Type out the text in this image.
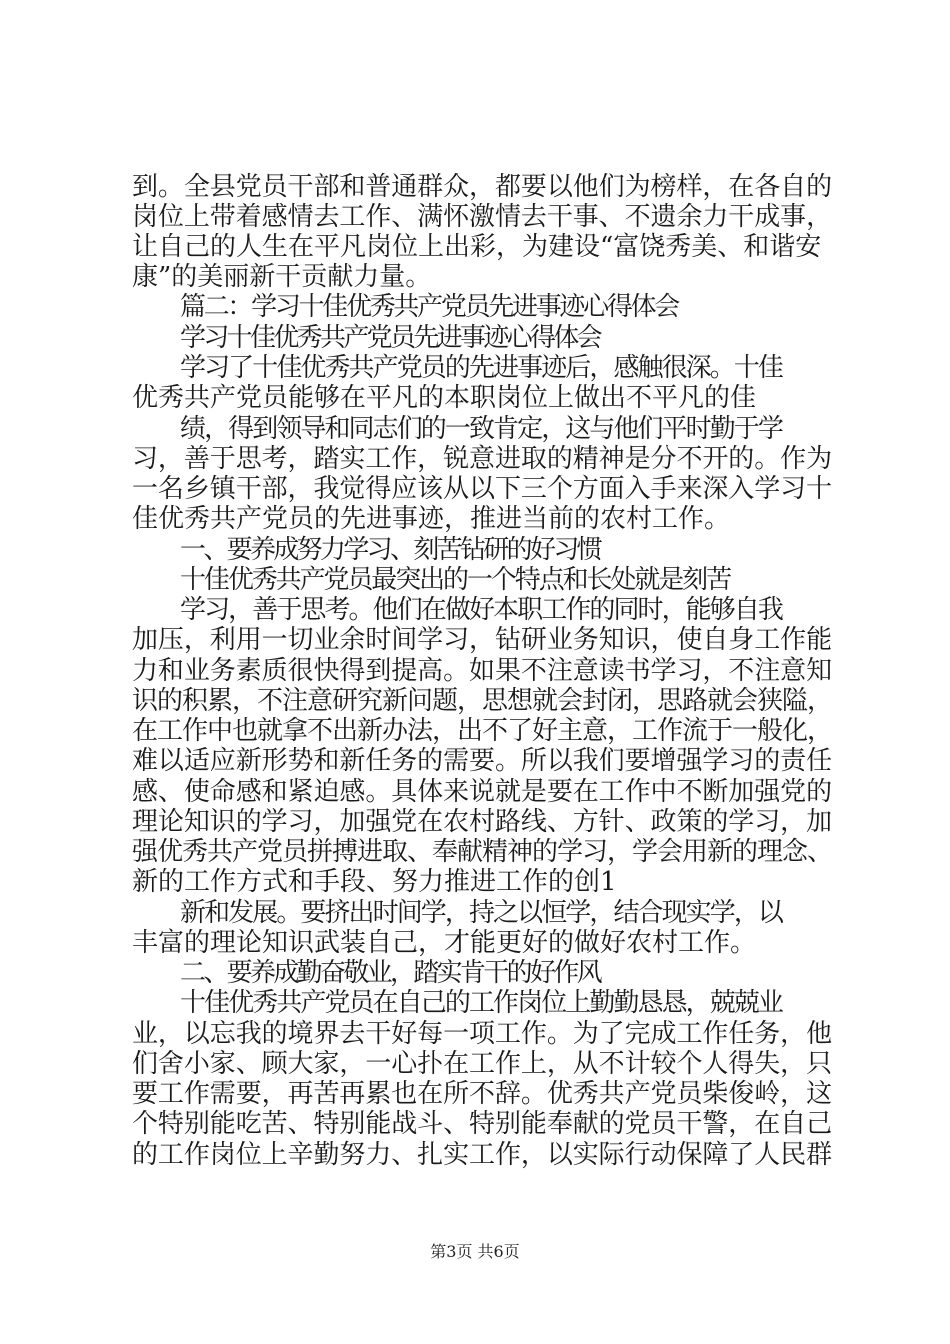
到。全县党员干部和普通群众，都要以他们为榜样，在各自的
岗位上带着感情去工作、满怀激情去干事、不遗余力干成事，
让自己的人生在平凡岗位上出彩，为建设“富饶秀美、和谐安
康”的美丽新干贡献力量。
篇二：学习十佳优秀共产党员先进事迹心得体会
学习十佳优秀共产党员先进事迹心得体会
学习了十佳优秀共产党员的先进事迹后，感触很深。十佳
优秀共产党员能够在平凡的本职岗位上做出不平凡的佳
绩，得到领导和同志们的一致肯定，这与他们平时勤于学
习，善于思考，踏实工作，锐意进取的精神是分不开的。作为
一名乡镇干部，我觉得应该从以下三个方面入手来深入学习十
佳优秀共产党员的先进事迹，推进当前的农村工作。
一、要养成努力学习、刻苦钻研的好习惯
十佳优秀共产党员最突出的一个特点和长处就是刻苦
学习，善于思考。他们在做好本职工作的同时，能够自我
加压，利用一切业余时间学习，钻研业务知识，使自身工作能
力和业务素质很快得到提高。如果不注意读书学习，不注意知
识的积累，不注意研究新问题，思想就会封闭，思路就会狭隘，
在工作中也就拿不出新办法，出不了好主意，工作流于一般化，
难以适应新形势和新任务的需要。所以我们要增强学习的责任
感、使命感和紧迫感。具体来说就是要在工作中不断加强党的
理论知识的学习，加强党在农村路线、方针、政策的学习，加
强优秀共产党员拼搏进取、奉献精神的学习，学会用新的理念、
新的工作方式和手段、努力推进工作的创1
新和发展。要挤出时间学，持之以恒学，结合现实学，以
丰富的理论知识武装自己，才能更好的做好农村工作。
二、要养成勤奋敬业，踏实肯干的好作风
十佳优秀共产党员在自己的工作岗位上勤勤恳恳，兢兢业
业，以忘我的境界去干好每一项工作。为了完成工作任务，他
们舍小家、顾大家，一心扑在工作上，从不计较个人得失，只
要工作需要，再苦再累也在所不辞。优秀共产党员柴俊岭，这
个特别能吃苦、特别能战斗、特别能奉献的党员干警，在自己
的工作岗位上辛勤努力、扎实工作，以实际行动保障了人民群
第3页 共6页
